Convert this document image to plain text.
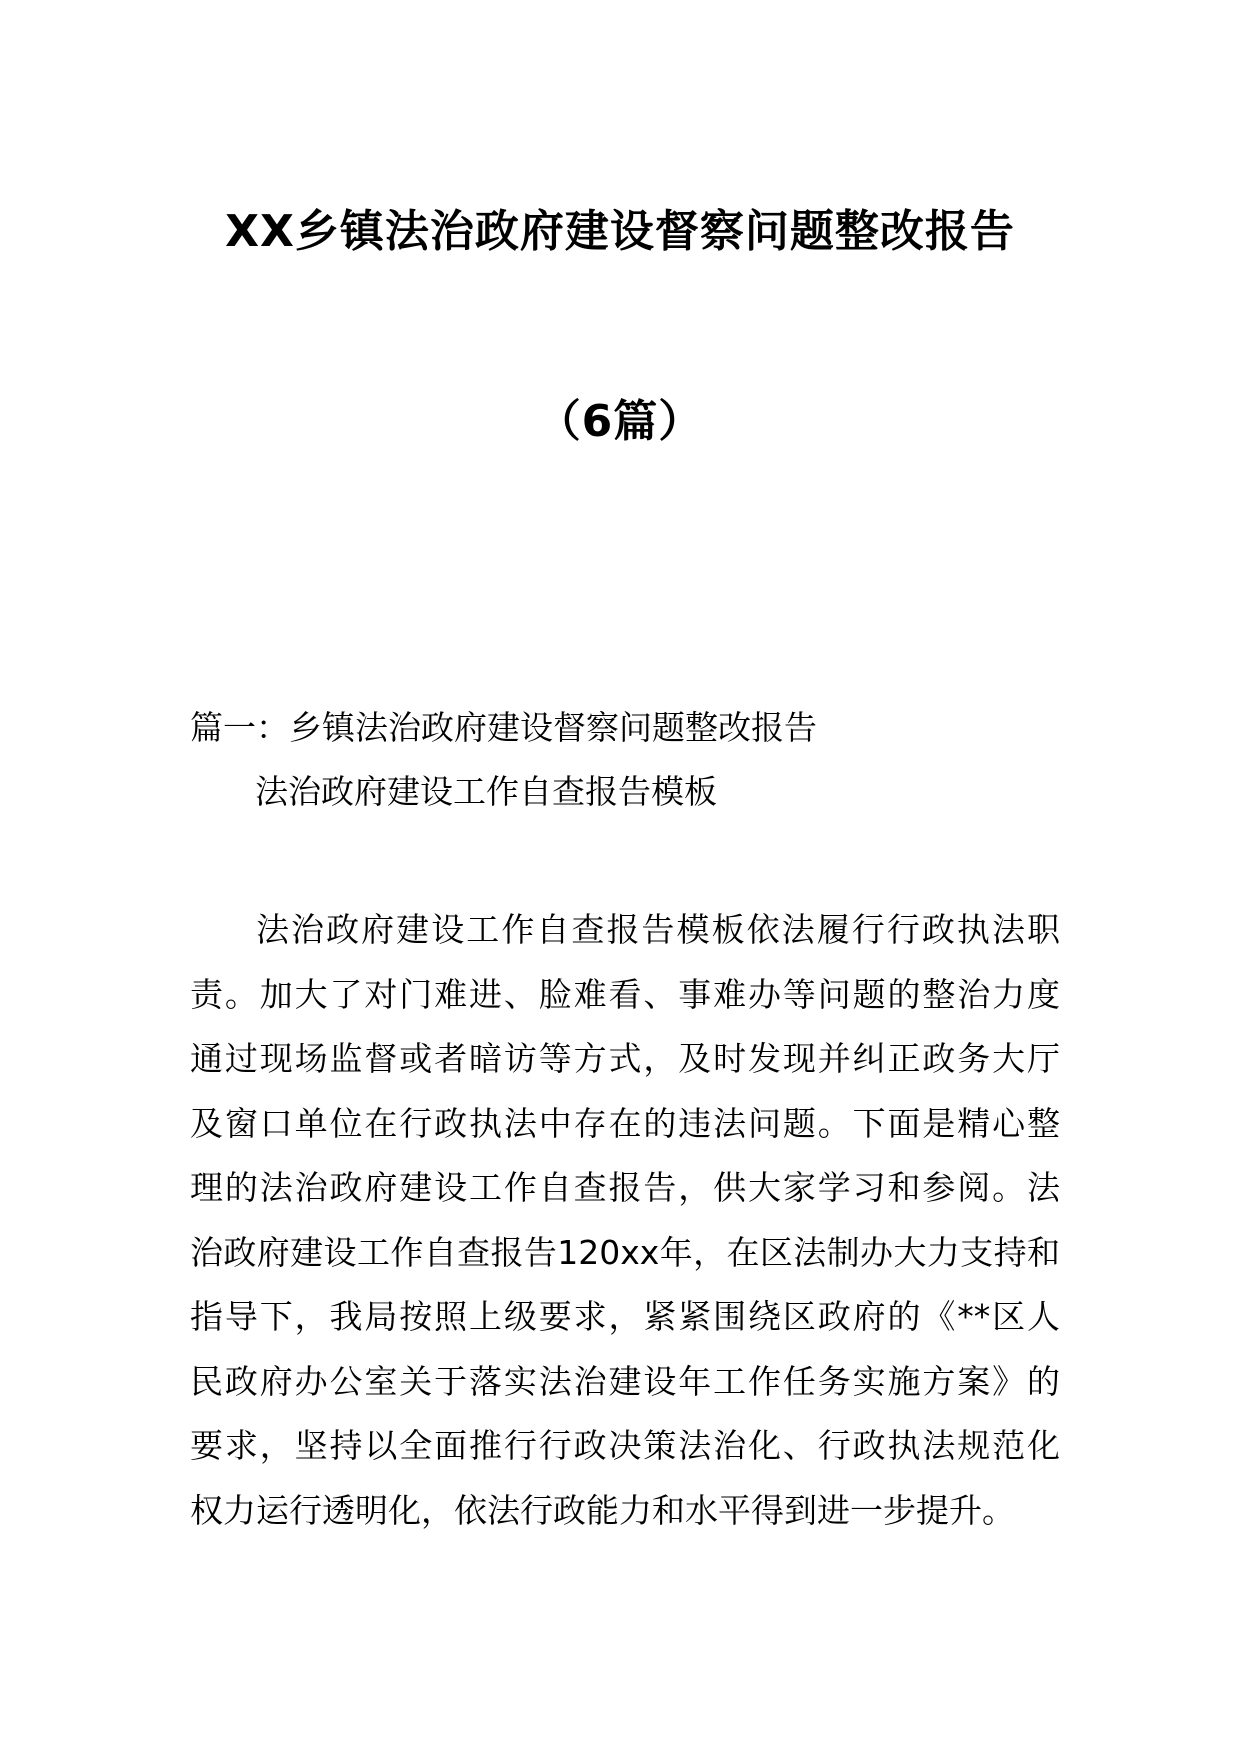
XX乡镇法治政府建设督察问题整改报告
（6篇）
篇一：乡镇法治政府建设督察问题整改报告
法治政府建设工作自查报告模板
法治政府建设工作自查报告模板依法履行行政执法职
责。加大了对门难进、脸难看、事难办等问题的整治力度
通过现场监督或者暗访等方式，及时发现并纠正政务大厅
及窗口单位在行政执法中存在的违法问题。下面是精心整
理的法治政府建设工作自查报告，供大家学习和参阅。法
治政府建设工作自查报告120xx年，在区法制办大力支持和
指导下，我局按照上级要求，紧紧围绕区政府的《**区人
民政府办公室关于落实法治建设年工作任务实施方案》的
要求，坚持以全面推行行政决策法治化、行政执法规范化
权力运行透明化，依法行政能力和水平得到进一步提升。
